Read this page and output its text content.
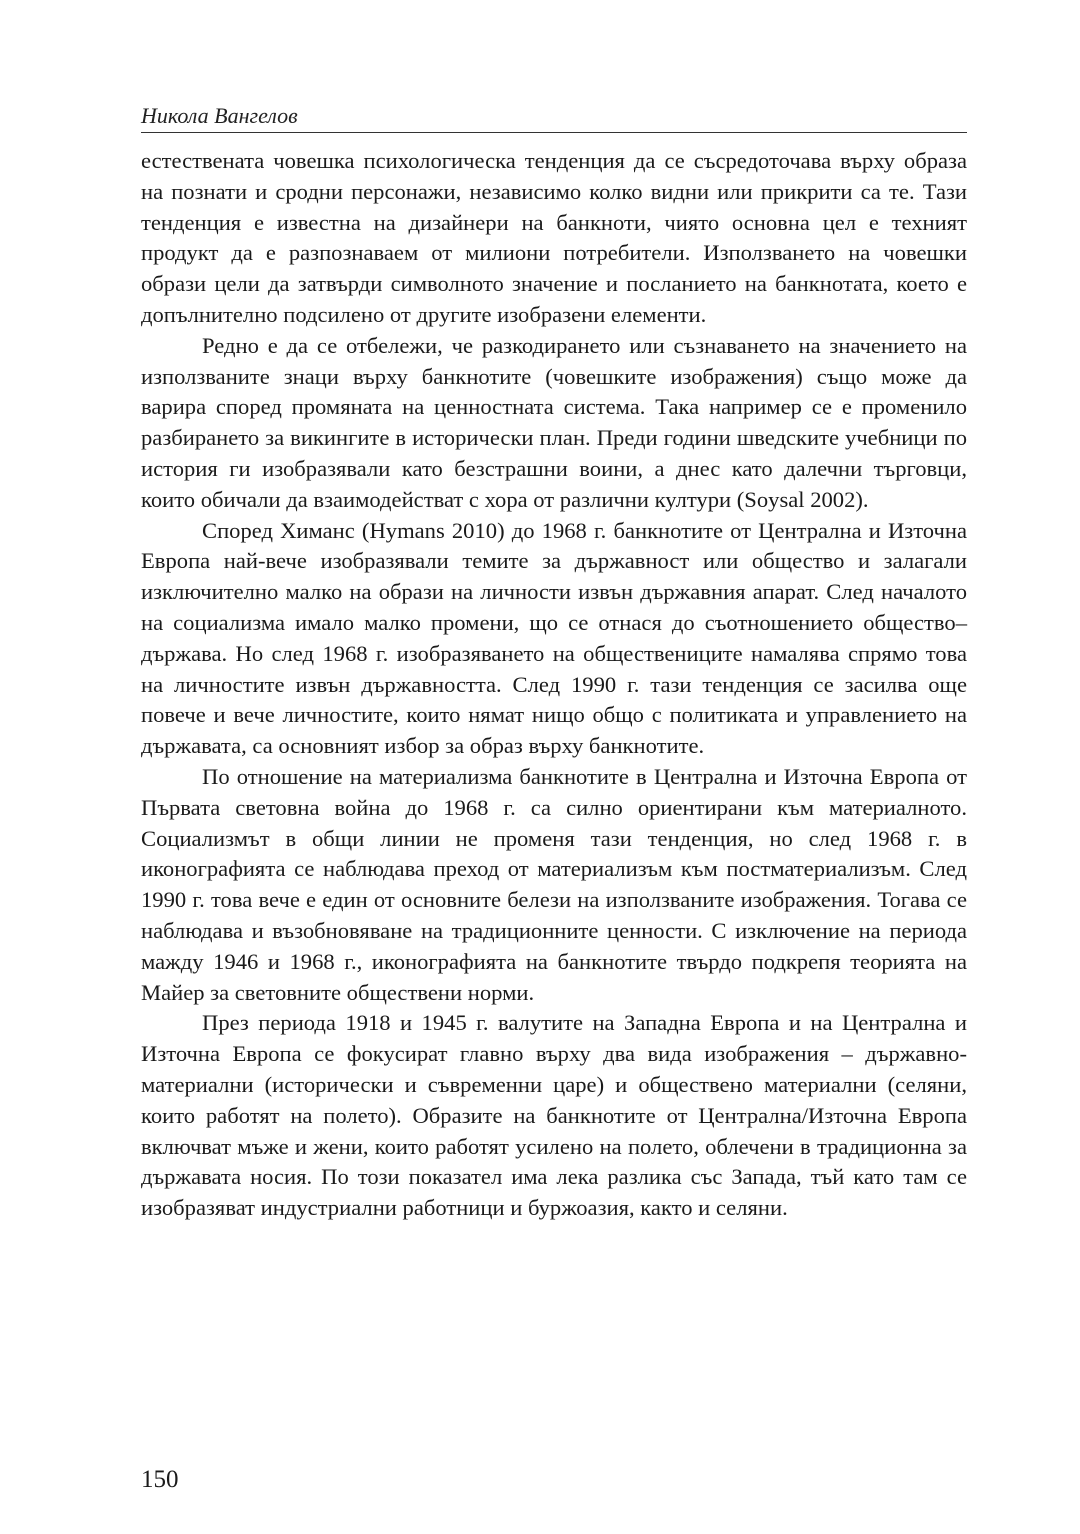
Никола Вангелов

естествената човешка психологическа тенденция да се съсредоточава върху образа на познати и сродни персонажи, независимо колко видни или прикрити са те. Тази тенденция е известна на дизайнери на банкноти, чиято основна цел е техният продукт да е разпознаваем от милиони потребители. Използването на човешки образи цели да затвърди символното значение и посланието на банкнотата, което е допълнително подсилено от другите изобразени елементи.

Редно е да се отбележи, че разкодирането или съзнаването на значението на използваните знаци върху банкнотите (човешките изображения) също може да варира според промяната на ценностната система. Така например се е променило разбирането за викингите в исторически план. Преди години шведските учебници по история ги изобразявали като безстрашни воини, а днес като далечни търговци, които обичали да взаимодействат с хора от различни култури (Soysal 2002).

Според Химанс (Hymans 2010) до 1968 г. банкнотите от Централна и Източна Европа най-вече изобразявали темите за държавност или общество и залагали изключително малко на образи на личности извън държавния апарат. След началото на социализма имало малко промени, що се отнася до съотношението общество–държава. Но след 1968 г. изобразяването на обществениците намалява спрямо това на личностите извън държавността. След 1990 г. тази тенденция се засилва още повече и вече личностите, които нямат нищо общо с политиката и управлението на държавата, са основният избор за образ върху банкнотите.

По отношение на материализма банкнотите в Централна и Източна Европа от Първата световна война до 1968 г. са силно ориентирани към материалното. Социализмът в общи линии не променя тази тенденция, но след 1968 г. в иконографията се наблюдава преход от материализъм към постматериализъм. След 1990 г. това вече е един от основните белези на използваните изображения. Тогава се наблюдава и възобновяване на традиционните ценности. С изключение на периода мажду 1946 и 1968 г., иконографията на банкнотите твърдо подкрепя теорията на Майер за световните обществени норми.

През периода 1918 и 1945 г. валутите на Западна Европа и на Централна и Източна Европа се фокусират главно върху два вида изображения – държавно-материални (исторически и съвременни царе) и обществено материални (селяни, които работят на полето). Образите на банкнотите от Централна/Източна Европа включват мъже и жени, които работят усилено на полето, облечени в традиционна за държавата носия. По този показател има лека разлика със Запада, тъй като там се изобразяват индустриални работници и буржоазия, както и селяни.

150
